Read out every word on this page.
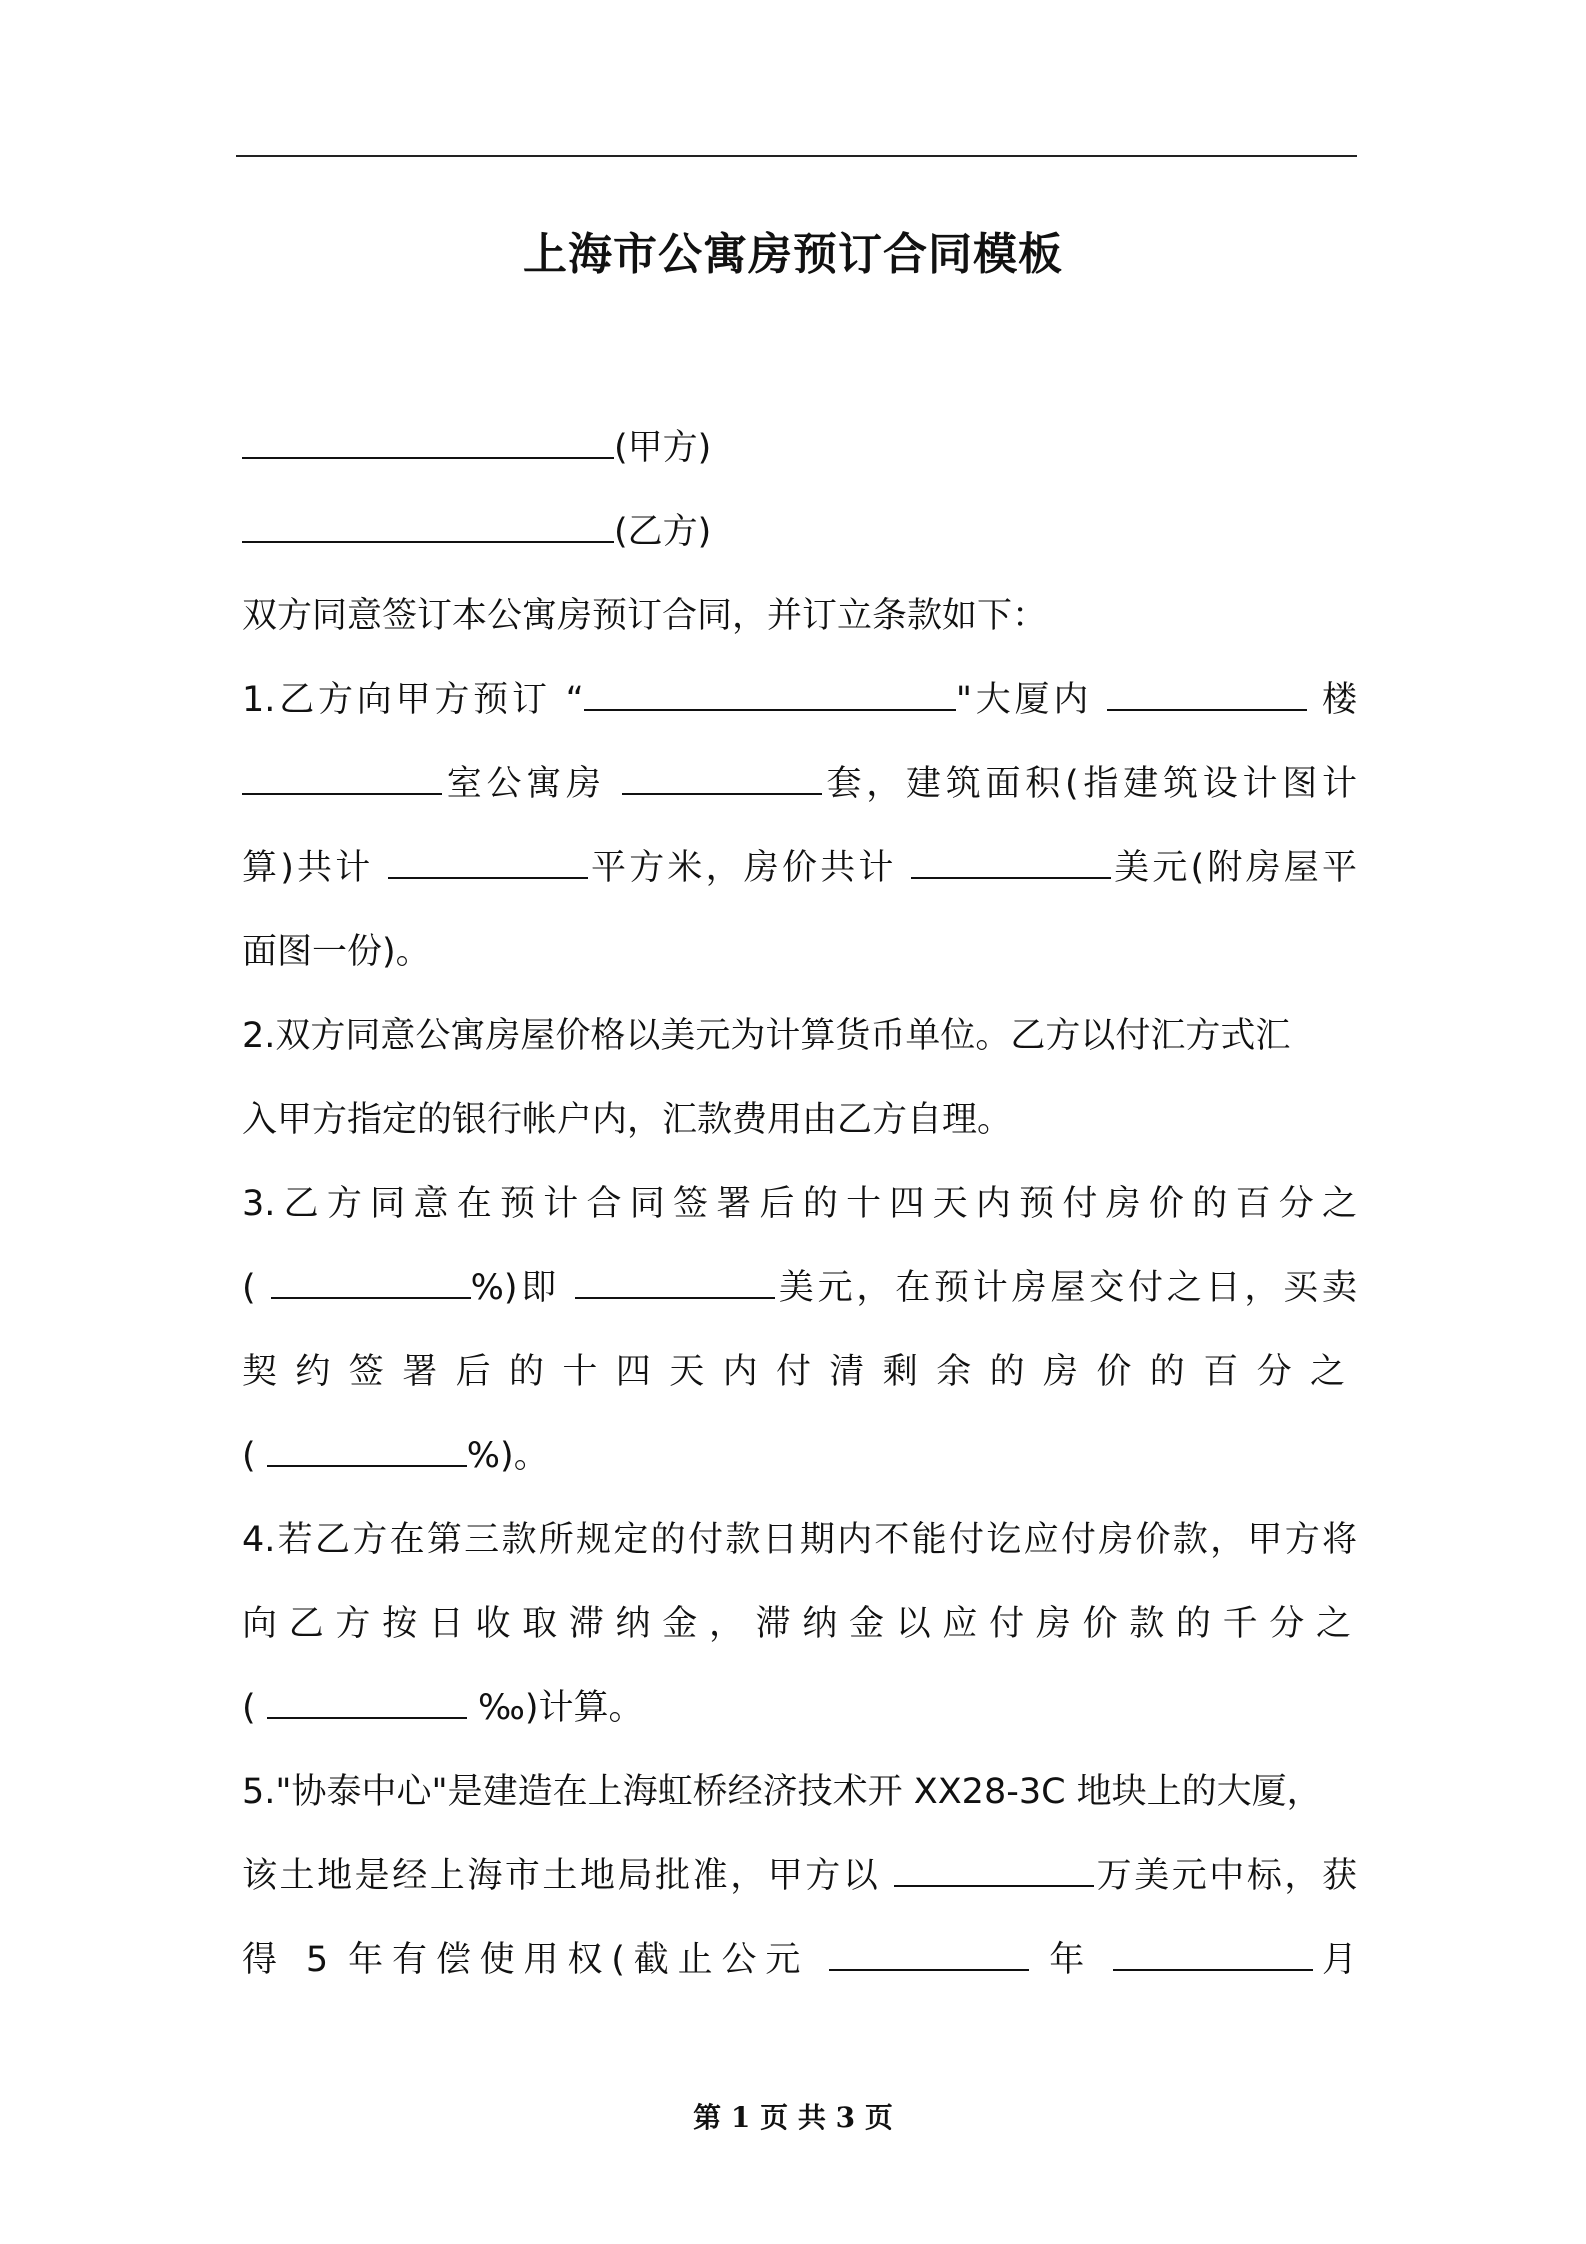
上海市公寓房预订合同模板
(甲方)
(乙方)
双方同意签订本公寓房预订合同，并订立条款如下：
1.乙方向甲方预订 “	"大厦内	楼
室公寓房	套，建筑面积(指建筑设计图计
算)共计	平方米，房价共计	美元(附房屋平
面图一份)。
2.双方同意公寓房屋价格以美元为计算货币单位。乙方以付汇方式汇
入甲方指定的银行帐户内，汇款费用由乙方自理。
3.乙方同意在预计合同签署后的十四天内预付房价的百分之
(	%)即	美元，在预计房屋交付之日，买卖
契约签署后的十四天内付清剩余的房价的百分之
(	%)。
4.若乙方在第三款所规定的付款日期内不能付讫应付房价款，甲方将
向乙方按日收取滞纳金，滞纳金以应付房价款的千分之
(	‰)计算。
5."协泰中心"是建造在上海虹桥经济技术开 XX28-3C 地块上的大厦，
该土地是经上海市土地局批准，甲方以	万美元中标，获
得 5 年有偿使用权(截止公元	年	月
第 1 页 共 3 页
